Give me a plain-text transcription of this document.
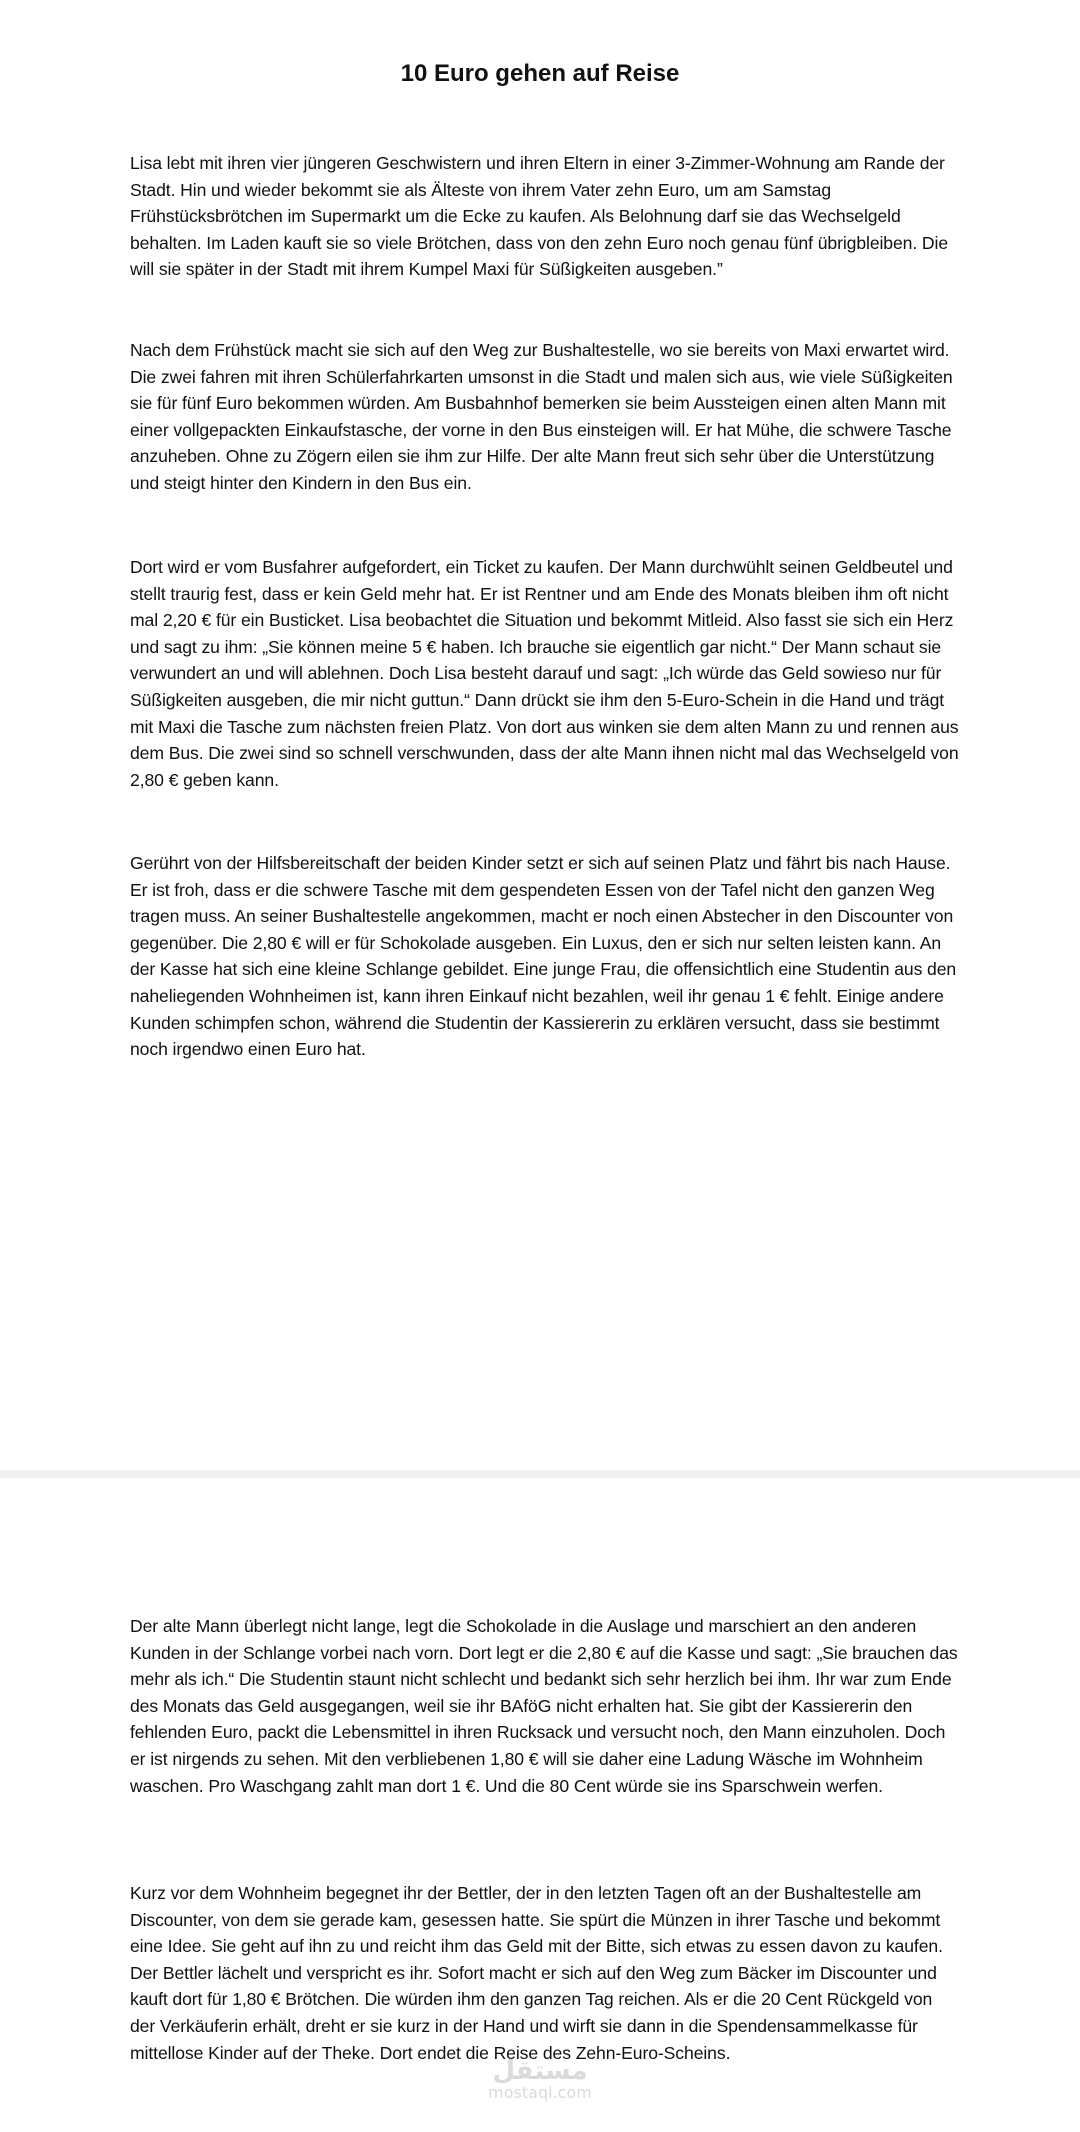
10 Euro gehen auf Reise

Lisa lebt mit ihren vier jüngeren Geschwistern und ihren Eltern in einer 3-Zimmer-Wohnung am Rande der Stadt. Hin und wieder bekommt sie als Älteste von ihrem Vater zehn Euro, um am Samstag Frühstücksbrötchen im Supermarkt um die Ecke zu kaufen. Als Belohnung darf sie das Wechselgeld behalten. Im Laden kauft sie so viele Brötchen, dass von den zehn Euro noch genau fünf übrigbleiben. Die will sie später in der Stadt mit ihrem Kumpel Maxi für Süßigkeiten ausgeben.”

Nach dem Frühstück macht sie sich auf den Weg zur Bushaltestelle, wo sie bereits von Maxi erwartet wird. Die zwei fahren mit ihren Schülerfahrkarten umsonst in die Stadt und malen sich aus, wie viele Süßigkeiten sie für fünf Euro bekommen würden. Am Busbahnhof bemerken sie beim Aussteigen einen alten Mann mit einer vollgepackten Einkaufstasche, der vorne in den Bus einsteigen will. Er hat Mühe, die schwere Tasche anzuheben. Ohne zu Zögern eilen sie ihm zur Hilfe. Der alte Mann freut sich sehr über die Unterstützung und steigt hinter den Kindern in den Bus ein.

Dort wird er vom Busfahrer aufgefordert, ein Ticket zu kaufen. Der Mann durchwühlt seinen Geldbeutel und stellt traurig fest, dass er kein Geld mehr hat. Er ist Rentner und am Ende des Monats bleiben ihm oft nicht mal 2,20 € für ein Busticket. Lisa beobachtet die Situation und bekommt Mitleid. Also fasst sie sich ein Herz und sagt zu ihm: „Sie können meine 5 € haben. Ich brauche sie eigentlich gar nicht.“ Der Mann schaut sie verwundert an und will ablehnen. Doch Lisa besteht darauf und sagt: „Ich würde das Geld sowieso nur für Süßigkeiten ausgeben, die mir nicht guttun.“ Dann drückt sie ihm den 5-Euro-Schein in die Hand und trägt mit Maxi die Tasche zum nächsten freien Platz. Von dort aus winken sie dem alten Mann zu und rennen aus dem Bus. Die zwei sind so schnell verschwunden, dass der alte Mann ihnen nicht mal das Wechselgeld von 2,80 € geben kann.

Gerührt von der Hilfsbereitschaft der beiden Kinder setzt er sich auf seinen Platz und fährt bis nach Hause. Er ist froh, dass er die schwere Tasche mit dem gespendeten Essen von der Tafel nicht den ganzen Weg tragen muss. An seiner Bushaltestelle angekommen, macht er noch einen Abstecher in den Discounter von gegenüber. Die 2,80 € will er für Schokolade ausgeben. Ein Luxus, den er sich nur selten leisten kann. An der Kasse hat sich eine kleine Schlange gebildet. Eine junge Frau, die offensichtlich eine Studentin aus den naheliegenden Wohnheimen ist, kann ihren Einkauf nicht bezahlen, weil ihr genau 1 € fehlt. Einige andere Kunden schimpfen schon, während die Studentin der Kassiererin zu erklären versucht, dass sie bestimmt noch irgendwo einen Euro hat.

Der alte Mann überlegt nicht lange, legt die Schokolade in die Auslage und marschiert an den anderen Kunden in der Schlange vorbei nach vorn. Dort legt er die 2,80 € auf die Kasse und sagt: „Sie brauchen das mehr als ich.“ Die Studentin staunt nicht schlecht und bedankt sich sehr herzlich bei ihm. Ihr war zum Ende des Monats das Geld ausgegangen, weil sie ihr BAföG nicht erhalten hat. Sie gibt der Kassiererin den fehlenden Euro, packt die Lebensmittel in ihren Rucksack und versucht noch, den Mann einzuholen. Doch er ist nirgends zu sehen. Mit den verbliebenen 1,80 € will sie daher eine Ladung Wäsche im Wohnheim waschen. Pro Waschgang zahlt man dort 1 €. Und die 80 Cent würde sie ins Sparschwein werfen.

Kurz vor dem Wohnheim begegnet ihr der Bettler, der in den letzten Tagen oft an der Bushaltestelle am Discounter, von dem sie gerade kam, gesessen hatte. Sie spürt die Münzen in ihrer Tasche und bekommt eine Idee. Sie geht auf ihn zu und reicht ihm das Geld mit der Bitte, sich etwas zu essen davon zu kaufen. Der Bettler lächelt und verspricht es ihr. Sofort macht er sich auf den Weg zum Bäcker im Discounter und kauft dort für 1,80 € Brötchen. Die würden ihm den ganzen Tag reichen. Als er die 20 Cent Rückgeld von der Verkäuferin erhält, dreht er sie kurz in der Hand und wirft sie dann in die Spendensammelkasse für mittellose Kinder auf der Theke. Dort endet die Reise des Zehn-Euro-Scheins.

مستقل
mostaql.com
